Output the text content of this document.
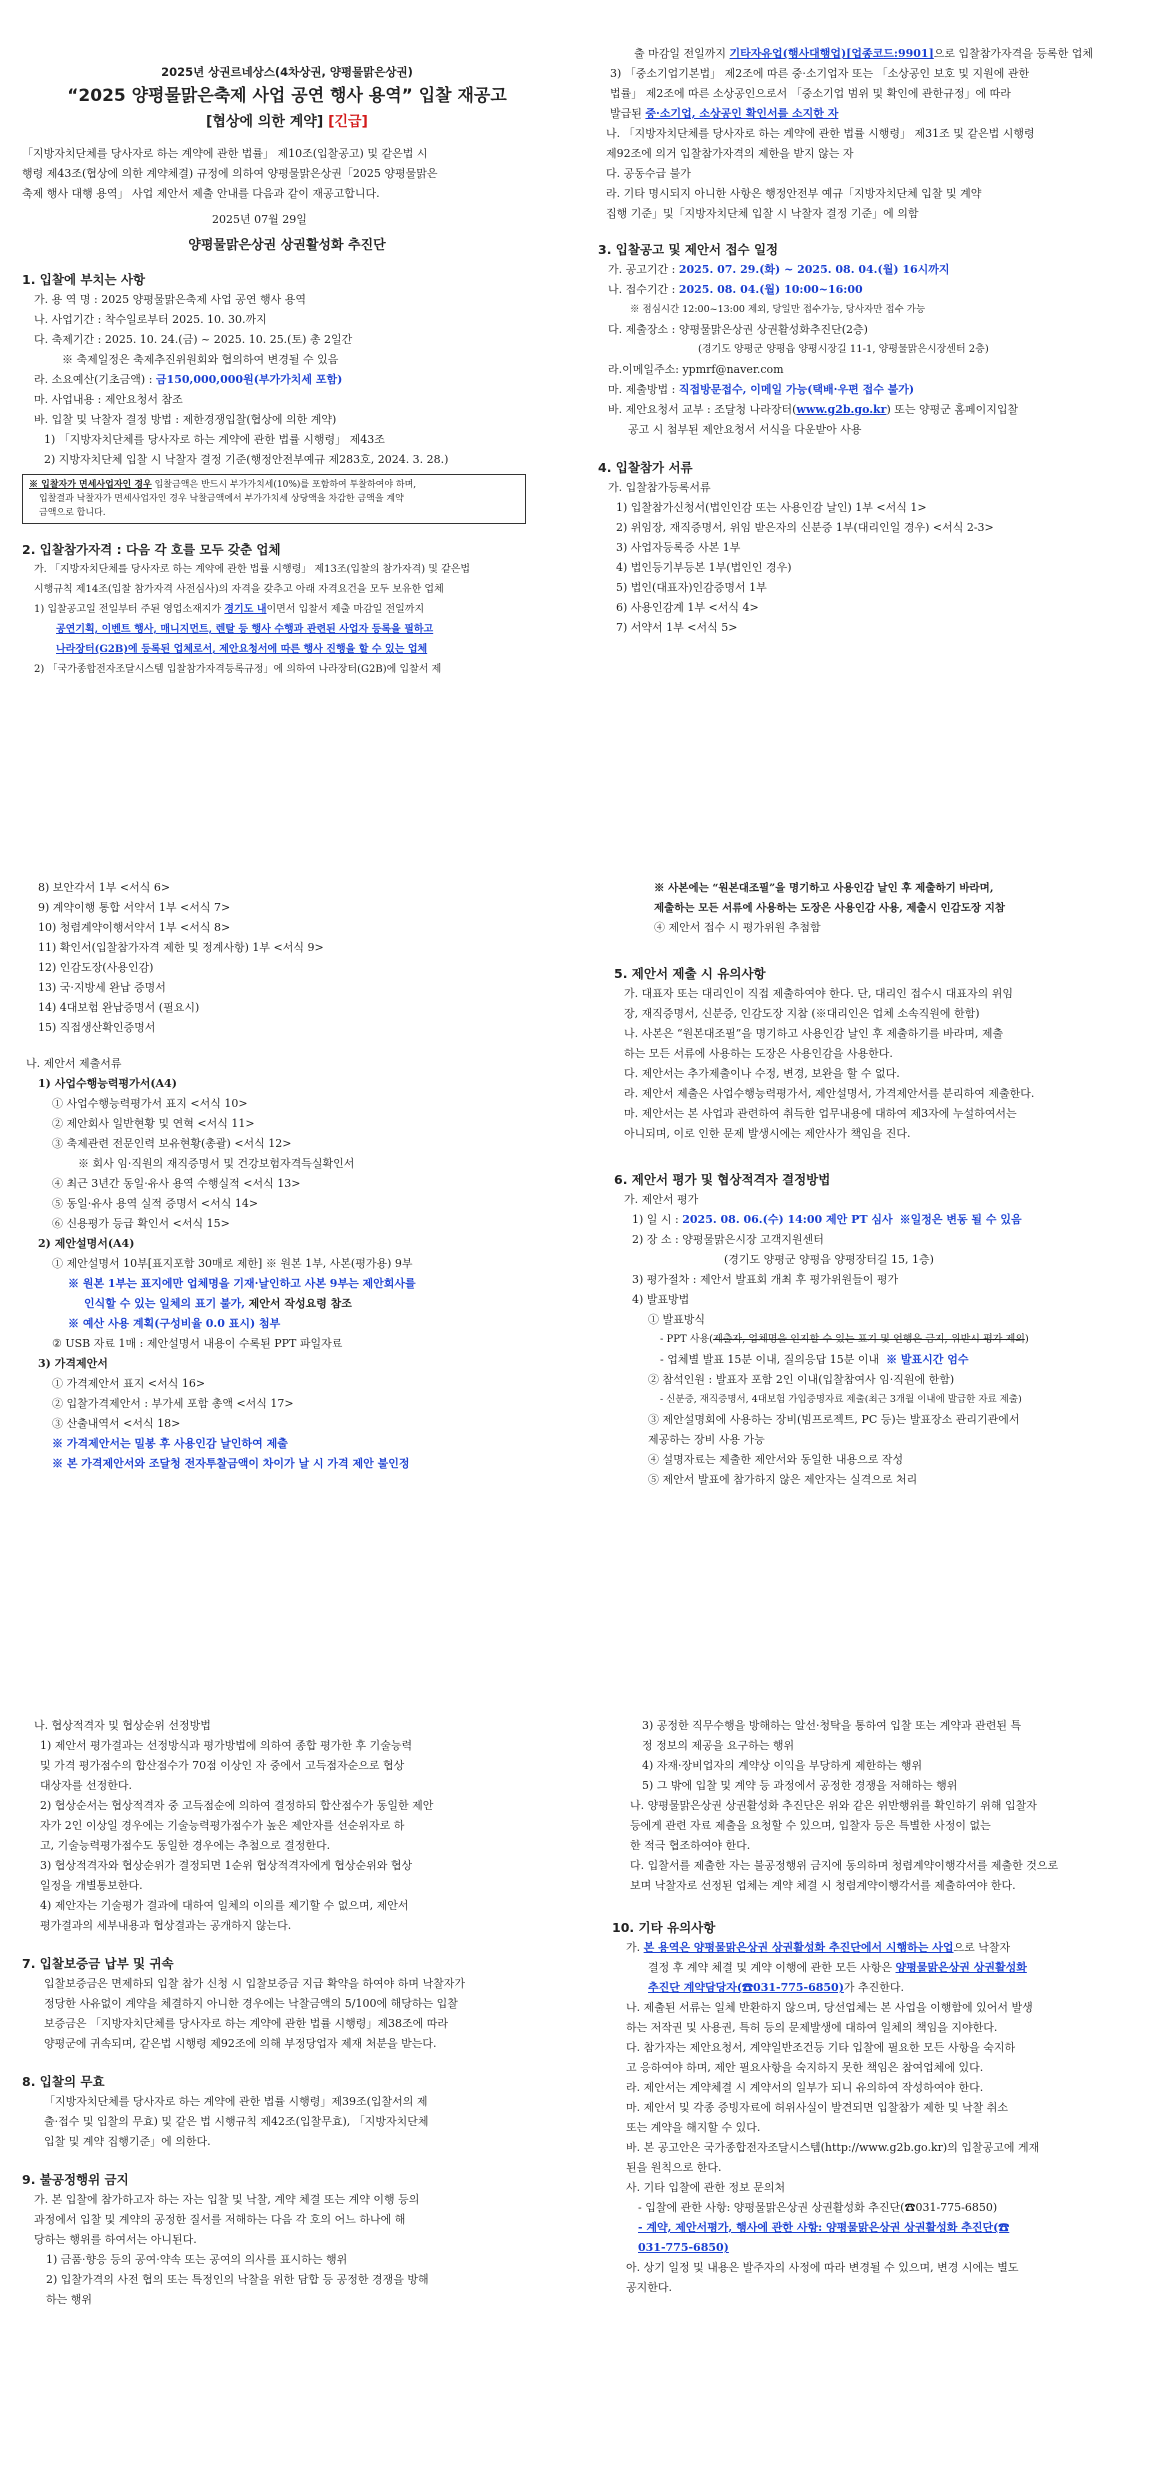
2025년 상권르네상스(4차상권, 양평물맑은상권)
“2025 양평물맑은축제 사업 공연 행사 용역” 입찰 재공고
[협상에 의한 계약] [긴급]
「지방자치단체를 당사자로 하는 계약에 관한 법률」 제10조(입찰공고) 및 같은법 시
행령 제43조(협상에 의한 계약체결) 규정에 의하여 양평물맑은상권「2025 양평물맑은
축제 행사 대행 용역」 사업 제안서 제출 안내를 다음과 같이 재공고합니다.
2025년 07월 29일
양평물맑은상권 상권활성화 추진단
1. 입찰에 부치는 사항
가. 용 역 명 : 2025 양평물맑은축제 사업 공연 행사 용역
나. 사업기간 : 착수일로부터 2025. 10. 30.까지
다. 축제기간 : 2025. 10. 24.(금) ~ 2025. 10. 25.(토) 총 2일간
※ 축제일정은 축제추진위원회와 협의하여 변경될 수 있음
라. 소요예산(기초금액) : 금150,000,000원(부가가치세 포함)
마. 사업내용 : 제안요청서 참조
바. 입찰 및 낙찰자 결정 방법 : 제한경쟁입찰(협상에 의한 계약)
1) 「지방자치단체를 당사자로 하는 계약에 관한 법률 시행령」 제43조
2) 지방자치단체 입찰 시 낙찰자 결정 기준(행정안전부예규 제283호, 2024. 3. 28.)
※ 입찰자가 면세사업자인 경우 입찰금액은 반드시 부가가치세(10%)를 포함하여 투찰하여야 하며,
입찰결과 낙찰자가 면세사업자인 경우 낙찰금액에서 부가가치세 상당액을 차감한 금액을 계약
금액으로 합니다.
2. 입찰참가자격 : 다음 각 호를 모두 갖춘 업체
가. 「지방자치단체를 당사자로 하는 계약에 관한 법률 시행령」 제13조(입찰의 참가자격) 및 같은법
시행규칙 제14조(입찰 참가자격 사전심사)의 자격을 갖추고 아래 자격요건을 모두 보유한 업체
1) 입찰공고일 전일부터 주된 영업소재지가 경기도 내이면서 입찰서 제출 마감일 전일까지
공연기획, 이벤트 행사, 매니지먼트, 렌탈 등 행사 수행과 관련된 사업자 등록을 필하고
나라장터(G2B)에 등록된 업체로서, 제안요청서에 따른 행사 진행을 할 수 있는 업체
2) 「국가종합전자조달시스템 입찰참가자격등록규정」에 의하여 나라장터(G2B)에 입찰서 제
출 마감일 전일까지 기타자유업(행사대행업)[업종코드:9901]으로 입찰참가자격을 등록한 업체
3) 「중소기업기본법」 제2조에 따른 중·소기업자 또는 「소상공인 보호 및 지원에 관한
법률」 제2조에 따른 소상공인으로서 「중소기업 범위 및 확인에 관한규정」에 따라
발급된 중·소기업, 소상공인 확인서를 소지한 자
나. 「지방자치단체를 당사자로 하는 계약에 관한 법률 시행령」 제31조 및 같은법 시행령
제92조에 의거 입찰참가자격의 제한을 받지 않는 자
다. 공동수급 불가
라. 기타 명시되지 아니한 사항은 행정안전부 예규「지방자치단체 입찰 및 계약
집행 기준」및「지방자치단체 입찰 시 낙찰자 결정 기준」에 의함
3. 입찰공고 및 제안서 접수 일정
가. 공고기간 : 2025. 07. 29.(화) ~ 2025. 08. 04.(월) 16시까지
나. 접수기간 : 2025. 08. 04.(월) 10:00~16:00
※ 점심시간 12:00~13:00 제외, 당일만 접수가능, 당사자만 접수 가능
다. 제출장소 : 양평물맑은상권 상권활성화추진단(2층)
(경기도 양평군 양평읍 양평시장길 11-1, 양평물맑은시장센터 2층)
라.이메일주소: ypmrf@naver.com
마. 제출방법 : 직접방문접수, 이메일 가능(택배·우편 접수 불가)
바. 제안요청서 교부 : 조달청 나라장터(www.g2b.go.kr) 또는 양평군 홈페이지입찰
공고 시 첨부된 제안요청서 서식을 다운받아 사용
4. 입찰참가 서류
가. 입찰참가등록서류
1) 입찰참가신청서(법인인감 또는 사용인감 날인) 1부 <서식 1>
2) 위임장, 재직증명서, 위임 받은자의 신분증 1부(대리인일 경우) <서식 2-3>
3) 사업자등록증 사본 1부
4) 법인등기부등본 1부(법인인 경우)
5) 법인(대표자)인감증명서 1부
6) 사용인감계 1부 <서식 4>
7) 서약서 1부 <서식 5>
8) 보안각서 1부 <서식 6>
9) 계약이행 통합 서약서 1부 <서식 7>
10) 청렴계약이행서약서 1부 <서식 8>
11) 확인서(입찰참가자격 제한 및 정계사항) 1부 <서식 9>
12) 인감도장(사용인감)
13) 국·지방세 완납 증명서
14) 4대보험 완납증명서 (필요시)
15) 직접생산확인증명서
나. 제안서 제출서류
1) 사업수행능력평가서(A4)
① 사업수행능력평가서 표지 <서식 10>
② 제안회사 일반현황 및 연혁 <서식 11>
③ 축제관련 전문인력 보유현황(총괄) <서식 12>
※ 회사 임·직원의 재직증명서 및 건강보험자격득실확인서
④ 최근 3년간 동일·유사 용역 수행실적 <서식 13>
⑤ 동일·유사 용역 실적 증명서 <서식 14>
⑥ 신용평가 등급 확인서 <서식 15>
2) 제안설명서(A4)
① 제안설명서 10부[표지포함 30매로 제한] ※ 원본 1부, 사본(평가용) 9부
※ 원본 1부는 표지에만 업체명을 기재·날인하고 사본 9부는 제안회사를
인식할 수 있는 일체의 표기 불가, 제안서 작성요령 참조
※ 예산 사용 계획(구성비율 0.0 표시) 첨부
② USB 자료 1매 : 제안설명서 내용이 수록된 PPT 파일자료
3) 가격제안서
① 가격제안서 표지 <서식 16>
② 입찰가격제안서 : 부가세 포함 총액 <서식 17>
③ 산출내역서 <서식 18>
※ 가격제안서는 밀봉 후 사용인감 날인하여 제출
※ 본 가격제안서와 조달청 전자투찰금액이 차이가 날 시 가격 제안 불인정
※ 사본에는 “원본대조필”을 명기하고 사용인감 날인 후 제출하기 바라며,
제출하는 모든 서류에 사용하는 도장은 사용인감 사용, 제출시 인감도장 지참
④ 제안서 접수 시 평가위원 추첨함
5. 제안서 제출 시 유의사항
가. 대표자 또는 대리인이 직접 제출하여야 한다. 단, 대리인 접수시 대표자의 위임
장, 재직증명서, 신분증, 인감도장 지참 (※대리인은 업체 소속직원에 한함)
나. 사본은 “원본대조필”을 명기하고 사용인감 날인 후 제출하기를 바라며, 제출
하는 모든 서류에 사용하는 도장은 사용인감을 사용한다.
다. 제안서는 추가제출이나 수정, 변경, 보완을 할 수 없다.
라. 제안서 제출은 사업수행능력평가서, 제안설명서, 가격제안서를 분리하여 제출한다.
마. 제안서는 본 사업과 관련하여 취득한 업무내용에 대하여 제3자에 누설하여서는
아니되며, 이로 인한 문제 발생시에는 제안사가 책임을 진다.
6. 제안서 평가 및 협상적격자 결정방법
가. 제안서 평가
1) 일 시 : 2025. 08. 06.(수) 14:00 제안 PT 심사 ※일정은 변동 될 수 있음
2) 장 소 : 양평물맑은시장 고객지원센터
(경기도 양평군 양평읍 양평장터길 15, 1층)
3) 평가절차 : 제안서 발표회 개최 후 평가위원들이 평가
4) 발표방법
① 발표방식
- PPT 사용(제출자, 업체명을 인지할 수 있는 표기 및 언행은 금지, 위반시 평가 제외)
- 업체별 발표 15분 이내, 질의응답 15분 이내 ※ 발표시간 엄수
② 참석인원 : 발표자 포함 2인 이내(입찰참여사 임·직원에 한함)
- 신분증, 재직증명서, 4대보험 가입증명자료 제출(최근 3개월 이내에 발급한 자료 제출)
③ 제안설명회에 사용하는 장비(빔프로젝트, PC 등)는 발표장소 관리기관에서
제공하는 장비 사용 가능
④ 설명자료는 제출한 제안서와 동일한 내용으로 작성
⑤ 제안서 발표에 참가하지 않은 제안자는 실격으로 처리
나. 협상적격자 및 협상순위 선정방법
1) 제안서 평가결과는 선정방식과 평가방법에 의하여 종합 평가한 후 기술능력
및 가격 평가점수의 합산점수가 70점 이상인 자 중에서 고득점자순으로 협상
대상자를 선정한다.
2) 협상순서는 협상적격자 중 고득점순에 의하여 결정하되 합산점수가 동일한 제안
자가 2인 이상일 경우에는 기술능력평가점수가 높은 제안자를 선순위자로 하
고, 기술능력평가점수도 동일한 경우에는 추첨으로 결정한다.
3) 협상적격자와 협상순위가 결정되면 1순위 협상적격자에게 협상순위와 협상
일정을 개별통보한다.
4) 제안자는 기술평가 결과에 대하여 일체의 이의를 제기할 수 없으며, 제안서
평가결과의 세부내용과 협상결과는 공개하지 않는다.
7. 입찰보증금 납부 및 귀속
입찰보증금은 면제하되 입찰 참가 신청 시 입찰보증금 지급 확약을 하여야 하며 낙찰자가
정당한 사유없이 계약을 체결하지 아니한 경우에는 낙찰금액의 5/100에 해당하는 입찰
보증금은 「지방자치단체를 당사자로 하는 계약에 관한 법률 시행령」제38조에 따라
양평군에 귀속되며, 같은법 시행령 제92조에 의해 부정당업자 제재 처분을 받는다.
8. 입찰의 무효
「지방자치단체를 당사자로 하는 계약에 관한 법률 시행령」제39조(입찰서의 제
출·접수 및 입찰의 무효) 및 같은 법 시행규칙 제42조(입찰무효), 「지방자치단체
입찰 및 계약 집행기준」에 의한다.
9. 불공정행위 금지
가. 본 입찰에 참가하고자 하는 자는 입찰 및 낙찰, 계약 체결 또는 계약 이행 등의
과정에서 입찰 및 계약의 공정한 질서를 저해하는 다음 각 호의 어느 하나에 해
당하는 행위를 하여서는 아니된다.
1) 금품·향응 등의 공여·약속 또는 공여의 의사를 표시하는 행위
2) 입찰가격의 사전 협의 또는 특정인의 낙찰을 위한 담합 등 공정한 경쟁을 방해
하는 행위
3) 공정한 직무수행을 방해하는 알선·청탁을 통하여 입찰 또는 계약과 관련된 특
정 정보의 제공을 요구하는 행위
4) 자재·장비업자의 계약상 이익을 부당하게 제한하는 행위
5) 그 밖에 입찰 및 계약 등 과정에서 공정한 경쟁을 저해하는 행위
나. 양평물맑은상권 상권활성화 추진단은 위와 같은 위반행위를 확인하기 위해 입찰자
등에게 관련 자료 제출을 요청할 수 있으며, 입찰자 등은 특별한 사정이 없는
한 적극 협조하여야 한다.
다. 입찰서를 제출한 자는 불공정행위 금지에 동의하며 청렴계약이행각서를 제출한 것으로
보며 낙찰자로 선정된 업체는 계약 체결 시 청렴계약이행각서를 제출하여야 한다.
10. 기타 유의사항
가. 본 용역은 양평물맑은상권 상권활성화 추진단에서 시행하는 사업으로 낙찰자
결정 후 계약 체결 및 계약 이행에 관한 모든 사항은 양평물맑은상권 상권활성화
추진단 계약담당자(☎031-775-6850)가 추진한다.
나. 제출된 서류는 일체 반환하지 않으며, 당선업체는 본 사업을 이행함에 있어서 발생
하는 저작권 및 사용권, 특허 등의 문제발생에 대하여 일체의 책임을 지야한다.
다. 참가자는 제안요청서, 계약일반조건등 기타 입찰에 필요한 모든 사항을 숙지하
고 응하여야 하며, 제안 필요사항을 숙지하지 못한 책임은 참여업체에 있다.
라. 제안서는 계약체결 시 계약서의 일부가 되니 유의하여 작성하여야 한다.
마. 제안서 및 각종 증빙자료에 허위사실이 발견되면 입찰참가 제한 및 낙찰 취소
또는 계약을 해지할 수 있다.
바. 본 공고안은 국가종합전자조달시스템(http://www.g2b.go.kr)의 입찰공고에 게재
된을 원칙으로 한다.
사. 기타 입찰에 관한 정보 문의처
- 입찰에 관한 사항: 양평물맑은상권 상권활성화 추진단(☎031-775-6850)
- 계약, 제안서평가, 행사에 관한 사항: 양평물맑은상권 상권활성화 추진단(☎
031-775-6850)
아. 상기 일정 및 내용은 발주자의 사정에 따라 변경될 수 있으며, 변경 시에는 별도
공지한다.
